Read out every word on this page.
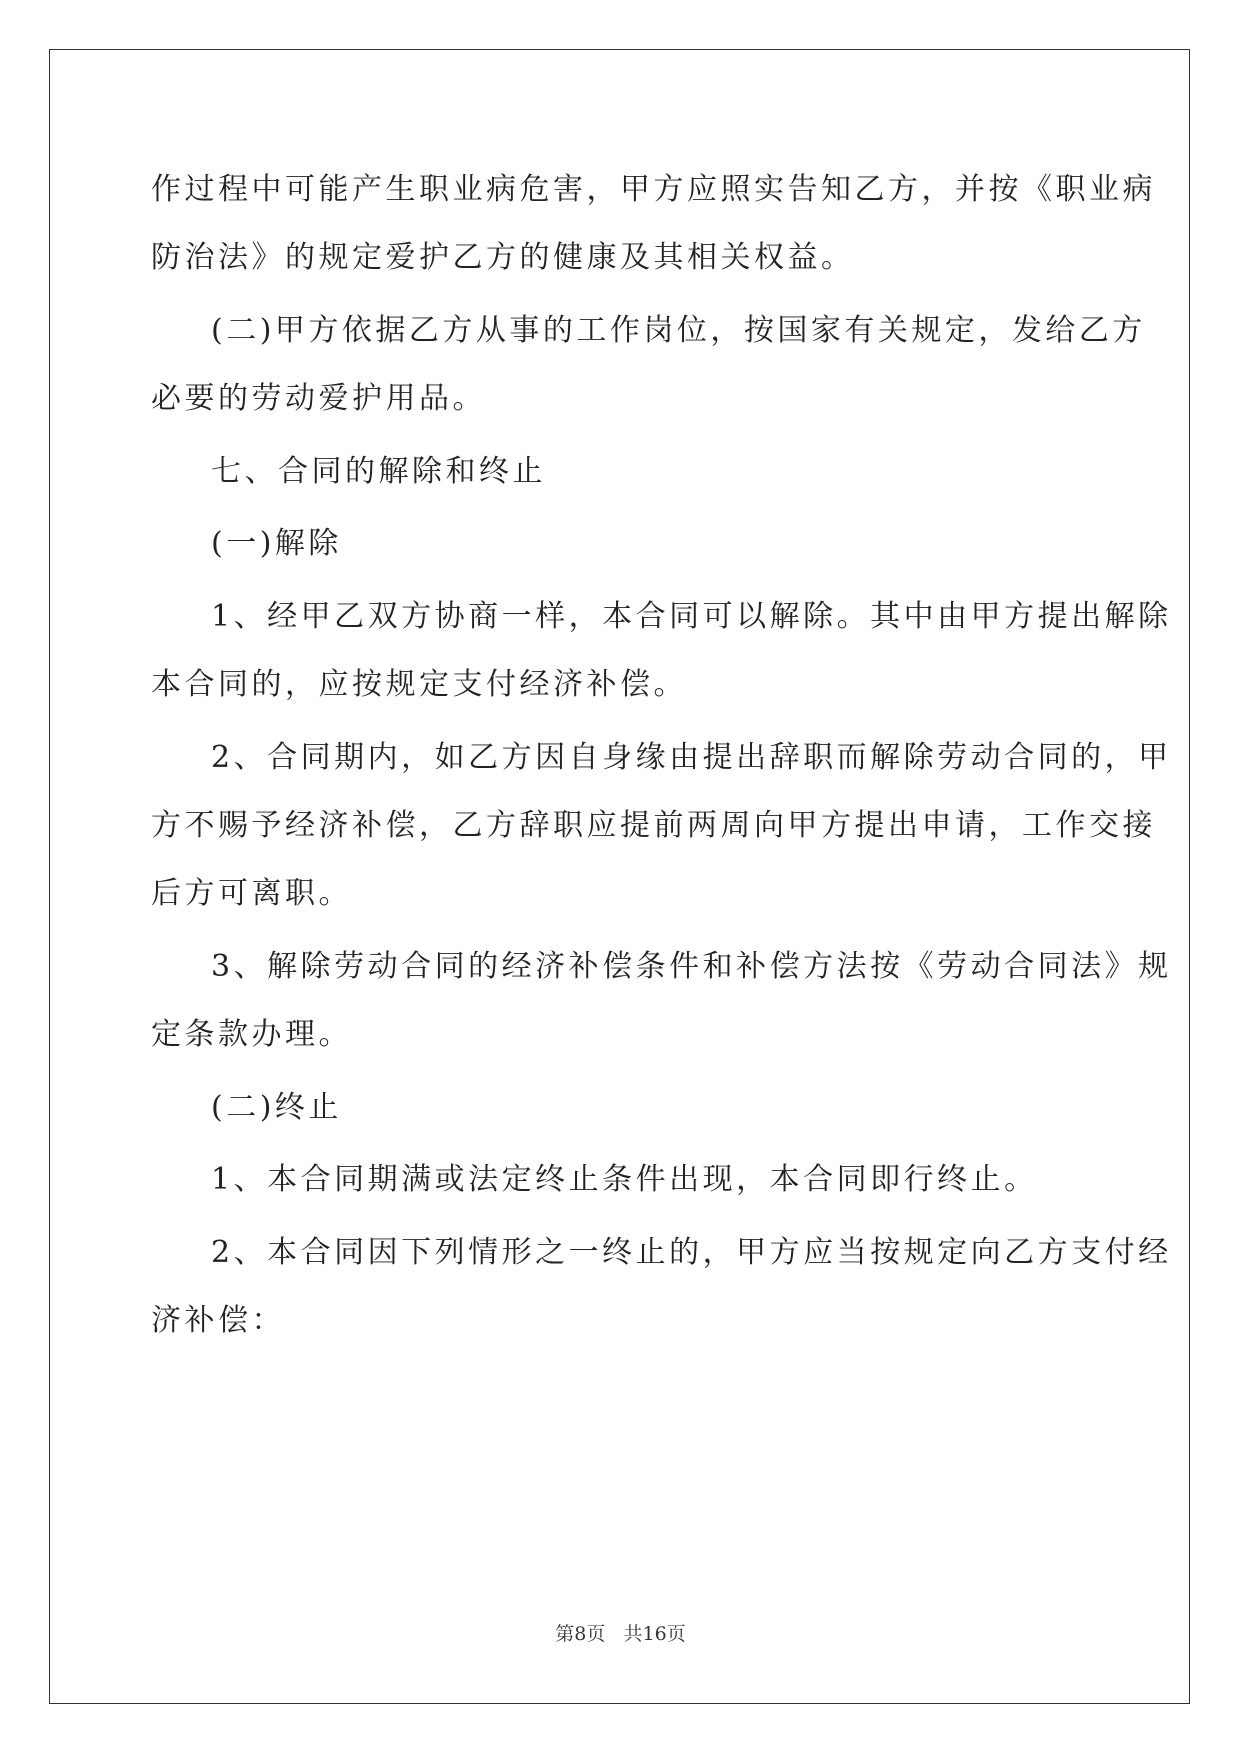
作过程中可能产生职业病危害，甲方应照实告知乙方，并按《职业病
防治法》的规定爱护乙方的健康及其相关权益。
(二)甲方依据乙方从事的工作岗位，按国家有关规定，发给乙方
必要的劳动爱护用品。
七、合同的解除和终止
(一)解除
1、经甲乙双方协商一样，本合同可以解除。其中由甲方提出解除
本合同的，应按规定支付经济补偿。
2、合同期内，如乙方因自身缘由提出辞职而解除劳动合同的，甲
方不赐予经济补偿，乙方辞职应提前两周向甲方提出申请，工作交接
后方可离职。
3、解除劳动合同的经济补偿条件和补偿方法按《劳动合同法》规
定条款办理。
(二)终止
1、本合同期满或法定终止条件出现，本合同即行终止。
2、本合同因下列情形之一终止的，甲方应当按规定向乙方支付经
济补偿：
第8页 共16页
